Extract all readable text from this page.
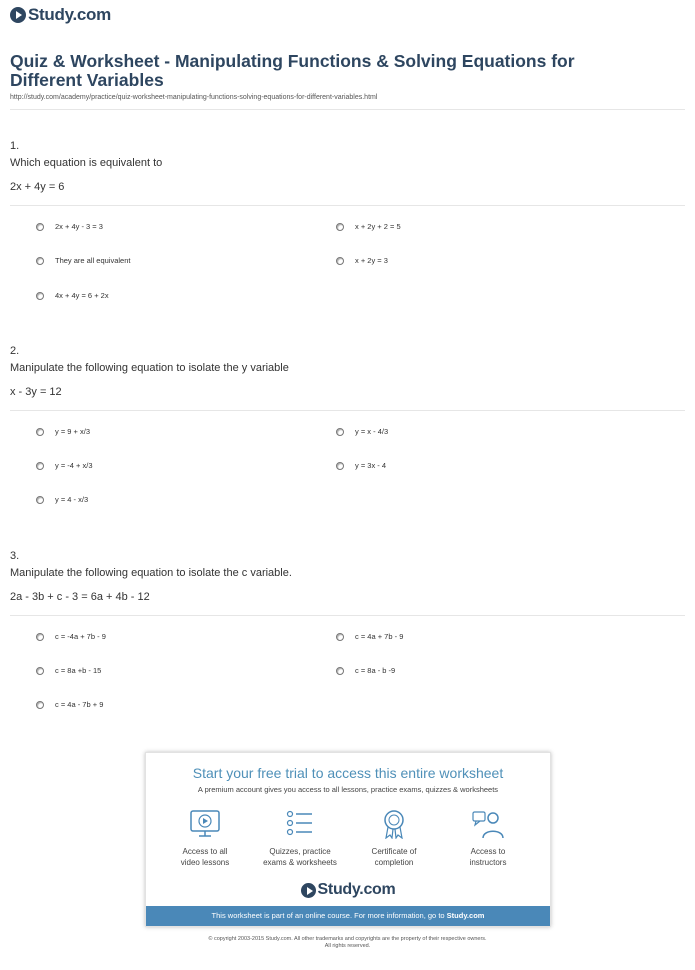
Study.com
Quiz & Worksheet - Manipulating Functions & Solving Equations for Different Variables
http://study.com/academy/practice/quiz-worksheet-manipulating-functions-solving-equations-for-different-variables.html
1.
Which equation is equivalent to
2x + 4y = 6
2x + 4y - 3 = 3	x + 2y + 2 = 5
They are all equivalent	x + 2y = 3
4x + 4y = 6 + 2x
2.
Manipulate the following equation to isolate the y variable
x - 3y = 12
y = 9 + x/3	y = x - 4/3
y = -4 + x/3	y = 3x - 4
y = 4 - x/3
3.
Manipulate the following equation to isolate the c variable.
2a - 3b + c - 3 = 6a + 4b - 12
c = -4a + 7b - 9	c = 4a + 7b - 9
c = 8a +b - 15	c = 8a - b -9
c = 4a - 7b + 9
Start your free trial to access this entire worksheet
A premium account gives you access to all lessons, practice exams, quizzes & worksheets
Access to all
video lessons
Quizzes, practice
exams & worksheets
Certificate of
completion
Access to
instructors
Study.com
This worksheet is part of an online course. For more information, go to Study.com
© copyright 2003-2015 Study.com. All other trademarks and copyrights are the property of their respective owners.
All rights reserved.
